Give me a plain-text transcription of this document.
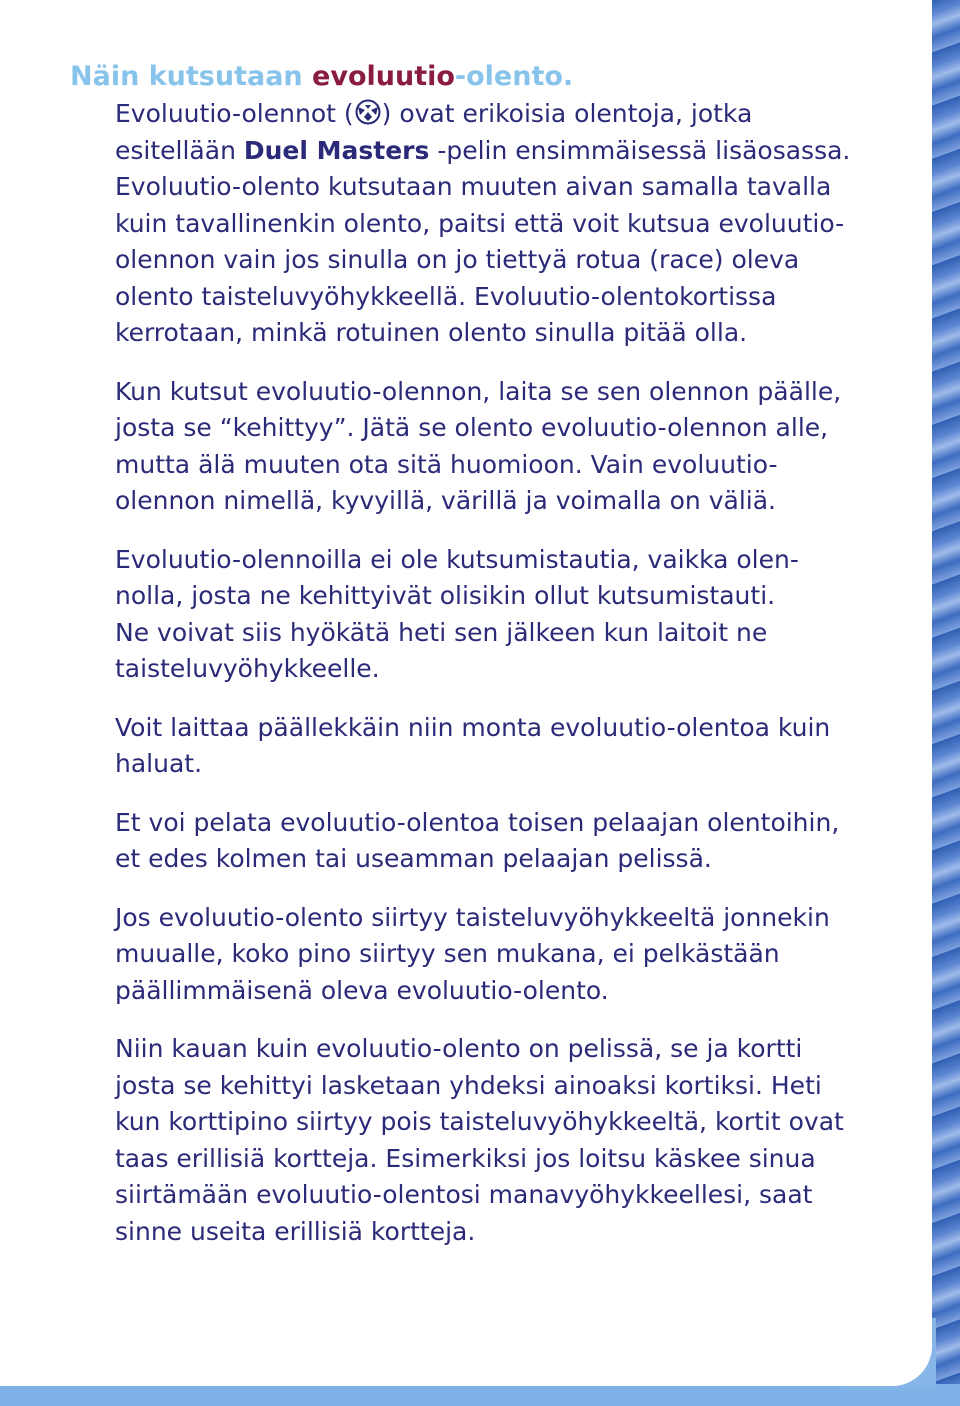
7
Näin kutsutaan evoluutio-olento.
Evoluutio-olennot ( ) ovat erikoisia olentoja, jotka
esitellään Duel Masters -pelin ensimmäisessä lisäosassa.
Evoluutio-olento kutsutaan muuten aivan samalla tavalla
kuin tavallinenkin olento, paitsi että voit kutsua evoluutio-
olennon vain jos sinulla on jo tiettyä rotua (race) oleva
olento taisteluvyöhykkeellä. Evoluutio-olentokortissa
kerrotaan, minkä rotuinen olento sinulla pitää olla.
Kun kutsut evoluutio-olennon, laita se sen olennon päälle,
josta se “kehittyy”. Jätä se olento evoluutio-olennon alle,
mutta älä muuten ota sitä huomioon. Vain evoluutio-
olennon nimellä, kyvyillä, värillä ja voimalla on väliä.
Evoluutio-olennoilla ei ole kutsumistautia, vaikka olen-
nolla, josta ne kehittyivät olisikin ollut kutsumistauti.
Ne voivat siis hyökätä heti sen jälkeen kun laitoit ne
taisteluvyöhykkeelle.
Voit laittaa päällekkäin niin monta evoluutio-olentoa kuin
haluat.
Et voi pelata evoluutio-olentoa toisen pelaajan olentoihin,
et edes kolmen tai useamman pelaajan pelissä.
Jos evoluutio-olento siirtyy taisteluvyöhykkeeltä jonnekin
muualle, koko pino siirtyy sen mukana, ei pelkästään
päällimmäisenä oleva evoluutio-olento.
Niin kauan kuin evoluutio-olento on pelissä, se ja kortti
josta se kehittyi lasketaan yhdeksi ainoaksi kortiksi. Heti
kun korttipino siirtyy pois taisteluvyöhykkeeltä, kortit ovat
taas erillisiä kortteja. Esimerkiksi jos loitsu käskee sinua
siirtämään evoluutio-olentosi manavyöhykkeellesi, saat
sinne useita erillisiä kortteja.
